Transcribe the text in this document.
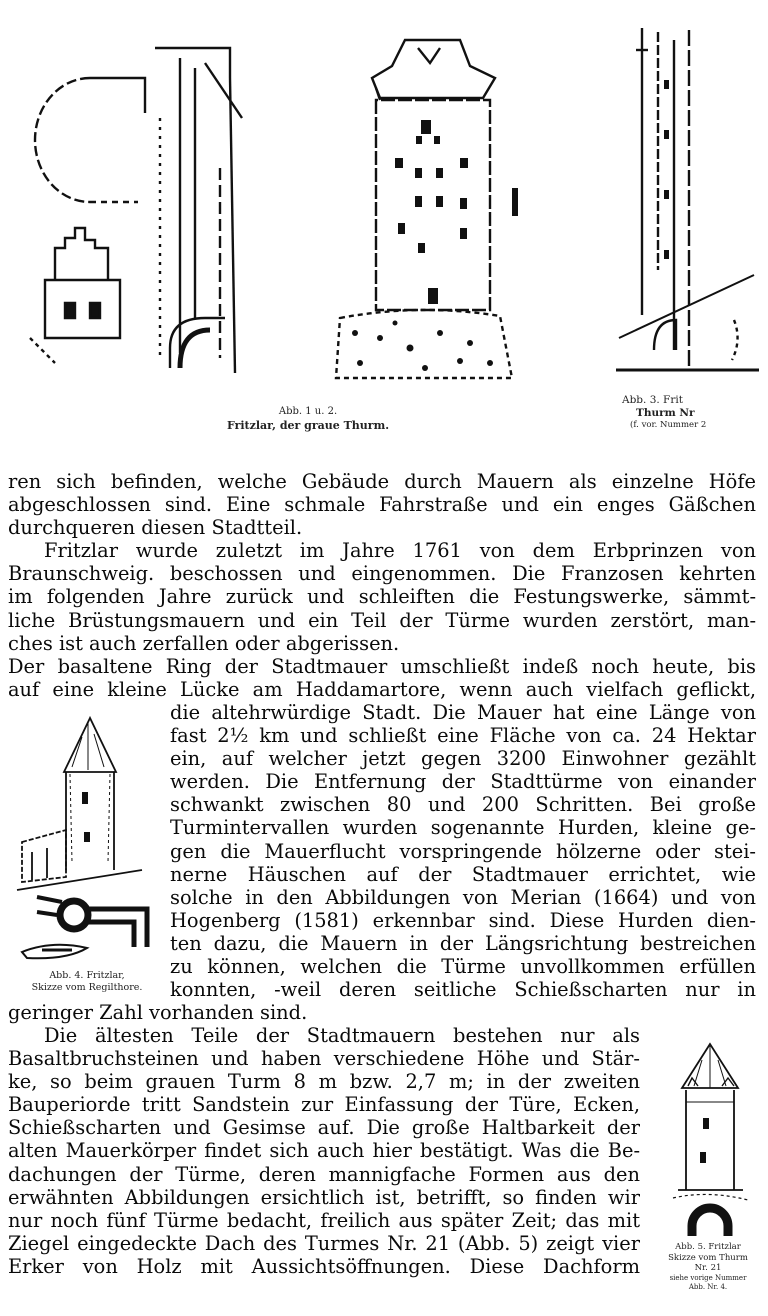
Abb. 1 u. 2.
Fritzlar, der graue Thurm.
Abb. 3. Frit
Thurm Nr
(f. vor. Nummer 2
Abb. 4. Fritzlar,
Skizze vom Regilthore.
Abb. 5. Fritzlar
Skizze vom Thurm
Nr. 21
siehe vorige Nummer
Abb. Nr. 4.
ren sich befinden, welche Gebäude durch Mauern als einzelne Höfe
abgeschlossen sind. Eine schmale Fahrstraße und ein enges Gäßchen
durchqueren diesen Stadtteil.
Fritzlar wurde zuletzt im Jahre 1761 von dem Erbprinzen von
Braunschweig. beschossen und eingenommen. Die Franzosen kehrten
im folgenden Jahre zurück und schleiften die Festungswerke, sämmt-
liche Brüstungsmauern und ein Teil der Türme wurden zerstört, man-
ches ist auch zerfallen oder abgerissen.
Der basaltene Ring der Stadtmauer umschließt indeß noch heute, bis
auf eine kleine Lücke am Haddamartore, wenn auch vielfach geflickt,
die altehrwürdige Stadt. Die Mauer hat eine Länge von
fast 2½ km und schließt eine Fläche von ca. 24 Hektar
ein, auf welcher jetzt gegen 3200 Einwohner gezählt
werden. Die Entfernung der Stadttürme von einander
schwankt zwischen 80 und 200 Schritten. Bei große
Turmintervallen wurden sogenannte Hurden, kleine ge-
gen die Mauerflucht vorspringende hölzerne oder stei-
nerne Häuschen auf der Stadtmauer errichtet, wie
solche in den Abbildungen von Merian (1664) und von
Hogenberg (1581) erkennbar sind. Diese Hurden dien-
ten dazu, die Mauern in der Längsrichtung bestreichen
zu können, welchen die Türme unvollkommen erfüllen
konnten, ‑weil deren seitliche Schießscharten nur in
geringer Zahl vorhanden sind.
Die ältesten Teile der Stadtmauern bestehen nur als
Basaltbruchsteinen und haben verschiedene Höhe und Stär-
ke, so beim grauen Turm 8 m bzw. 2,7 m; in der zweiten
Bauperiorde tritt Sandstein zur Einfassung der Türe, Ecken,
Schießscharten und Gesimse auf. Die große Haltbarkeit der
alten Mauerkörper findet sich auch hier bestätigt. Was die Be-
dachungen der Türme, deren mannigfache Formen aus den
erwähnten Abbildungen ersichtlich ist, betrifft, so finden wir
nur noch fünf Türme bedacht, freilich aus später Zeit; das mit
Ziegel eingedeckte Dach des Turmes Nr. 21 (Abb. 5) zeigt vier
Erker von Holz mit Aussichtsöffnungen. Diese Dachform
